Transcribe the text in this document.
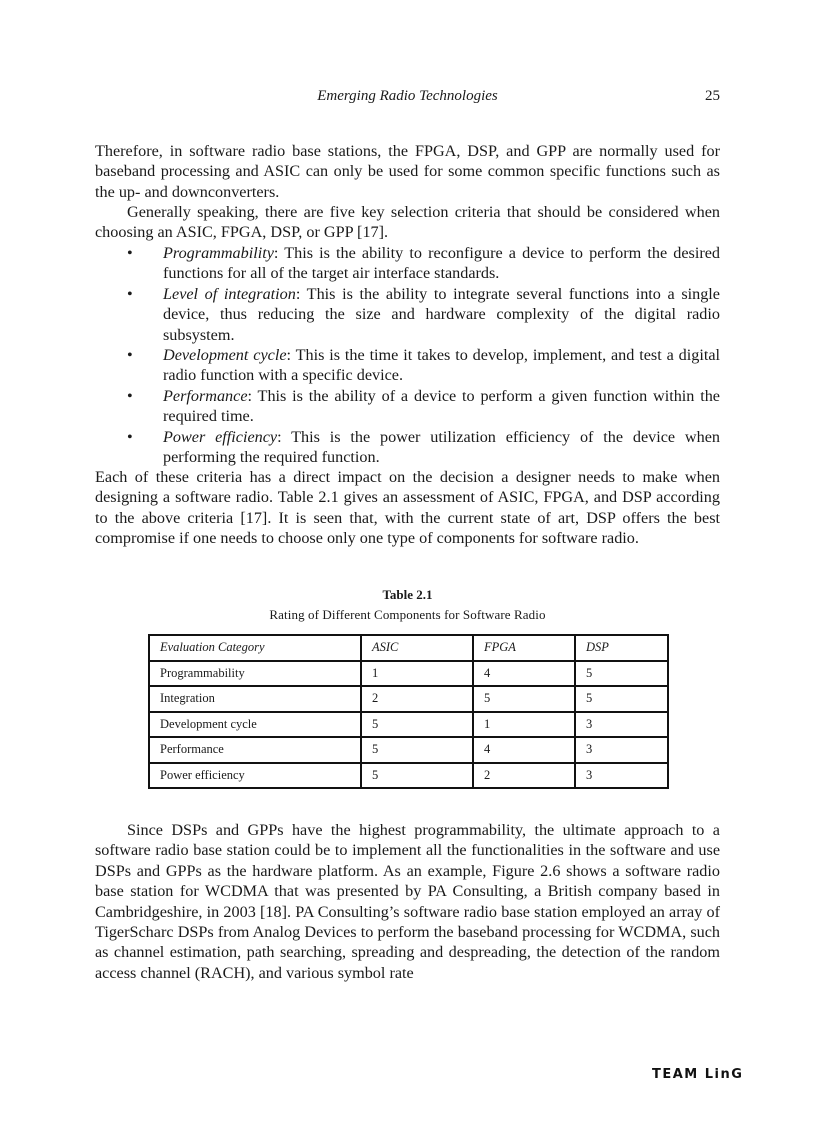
Emerging Radio Technologies	25

Therefore, in software radio base stations, the FPGA, DSP, and GPP are normally used for baseband processing and ASIC can only be used for some common specific functions such as the up- and downconverters.

Generally speaking, there are five key selection criteria that should be considered when choosing an ASIC, FPGA, DSP, or GPP [17].

• Programmability: This is the ability to reconfigure a device to perform the desired functions for all of the target air interface standards.
• Level of integration: This is the ability to integrate several functions into a single device, thus reducing the size and hardware complexity of the digital radio subsystem.
• Development cycle: This is the time it takes to develop, implement, and test a digital radio function with a specific device.
• Performance: This is the ability of a device to perform a given function within the required time.
• Power efficiency: This is the power utilization efficiency of the device when performing the required function.

Each of these criteria has a direct impact on the decision a designer needs to make when designing a software radio. Table 2.1 gives an assessment of ASIC, FPGA, and DSP according to the above criteria [17]. It is seen that, with the current state of art, DSP offers the best compromise if one needs to choose only one type of components for software radio.

Table 2.1
Rating of Different Components for Software Radio
Evaluation Category	ASIC	FPGA	DSP
Programmability	1	4	5
Integration	2	5	5
Development cycle	5	1	3
Performance	5	4	3
Power efficiency	5	2	3

Since DSPs and GPPs have the highest programmability, the ultimate approach to a software radio base station could be to implement all the functionalities in the software and use DSPs and GPPs as the hardware platform. As an example, Figure 2.6 shows a software radio base station for WCDMA that was presented by PA Consulting, a British company based in Cambridgeshire, in 2003 [18]. PA Consulting’s software radio base station employed an array of TigerScharc DSPs from Analog Devices to perform the baseband processing for WCDMA, such as channel estimation, path searching, spreading and despreading, the detection of the random access channel (RACH), and various symbol rate

TEAM LinG
